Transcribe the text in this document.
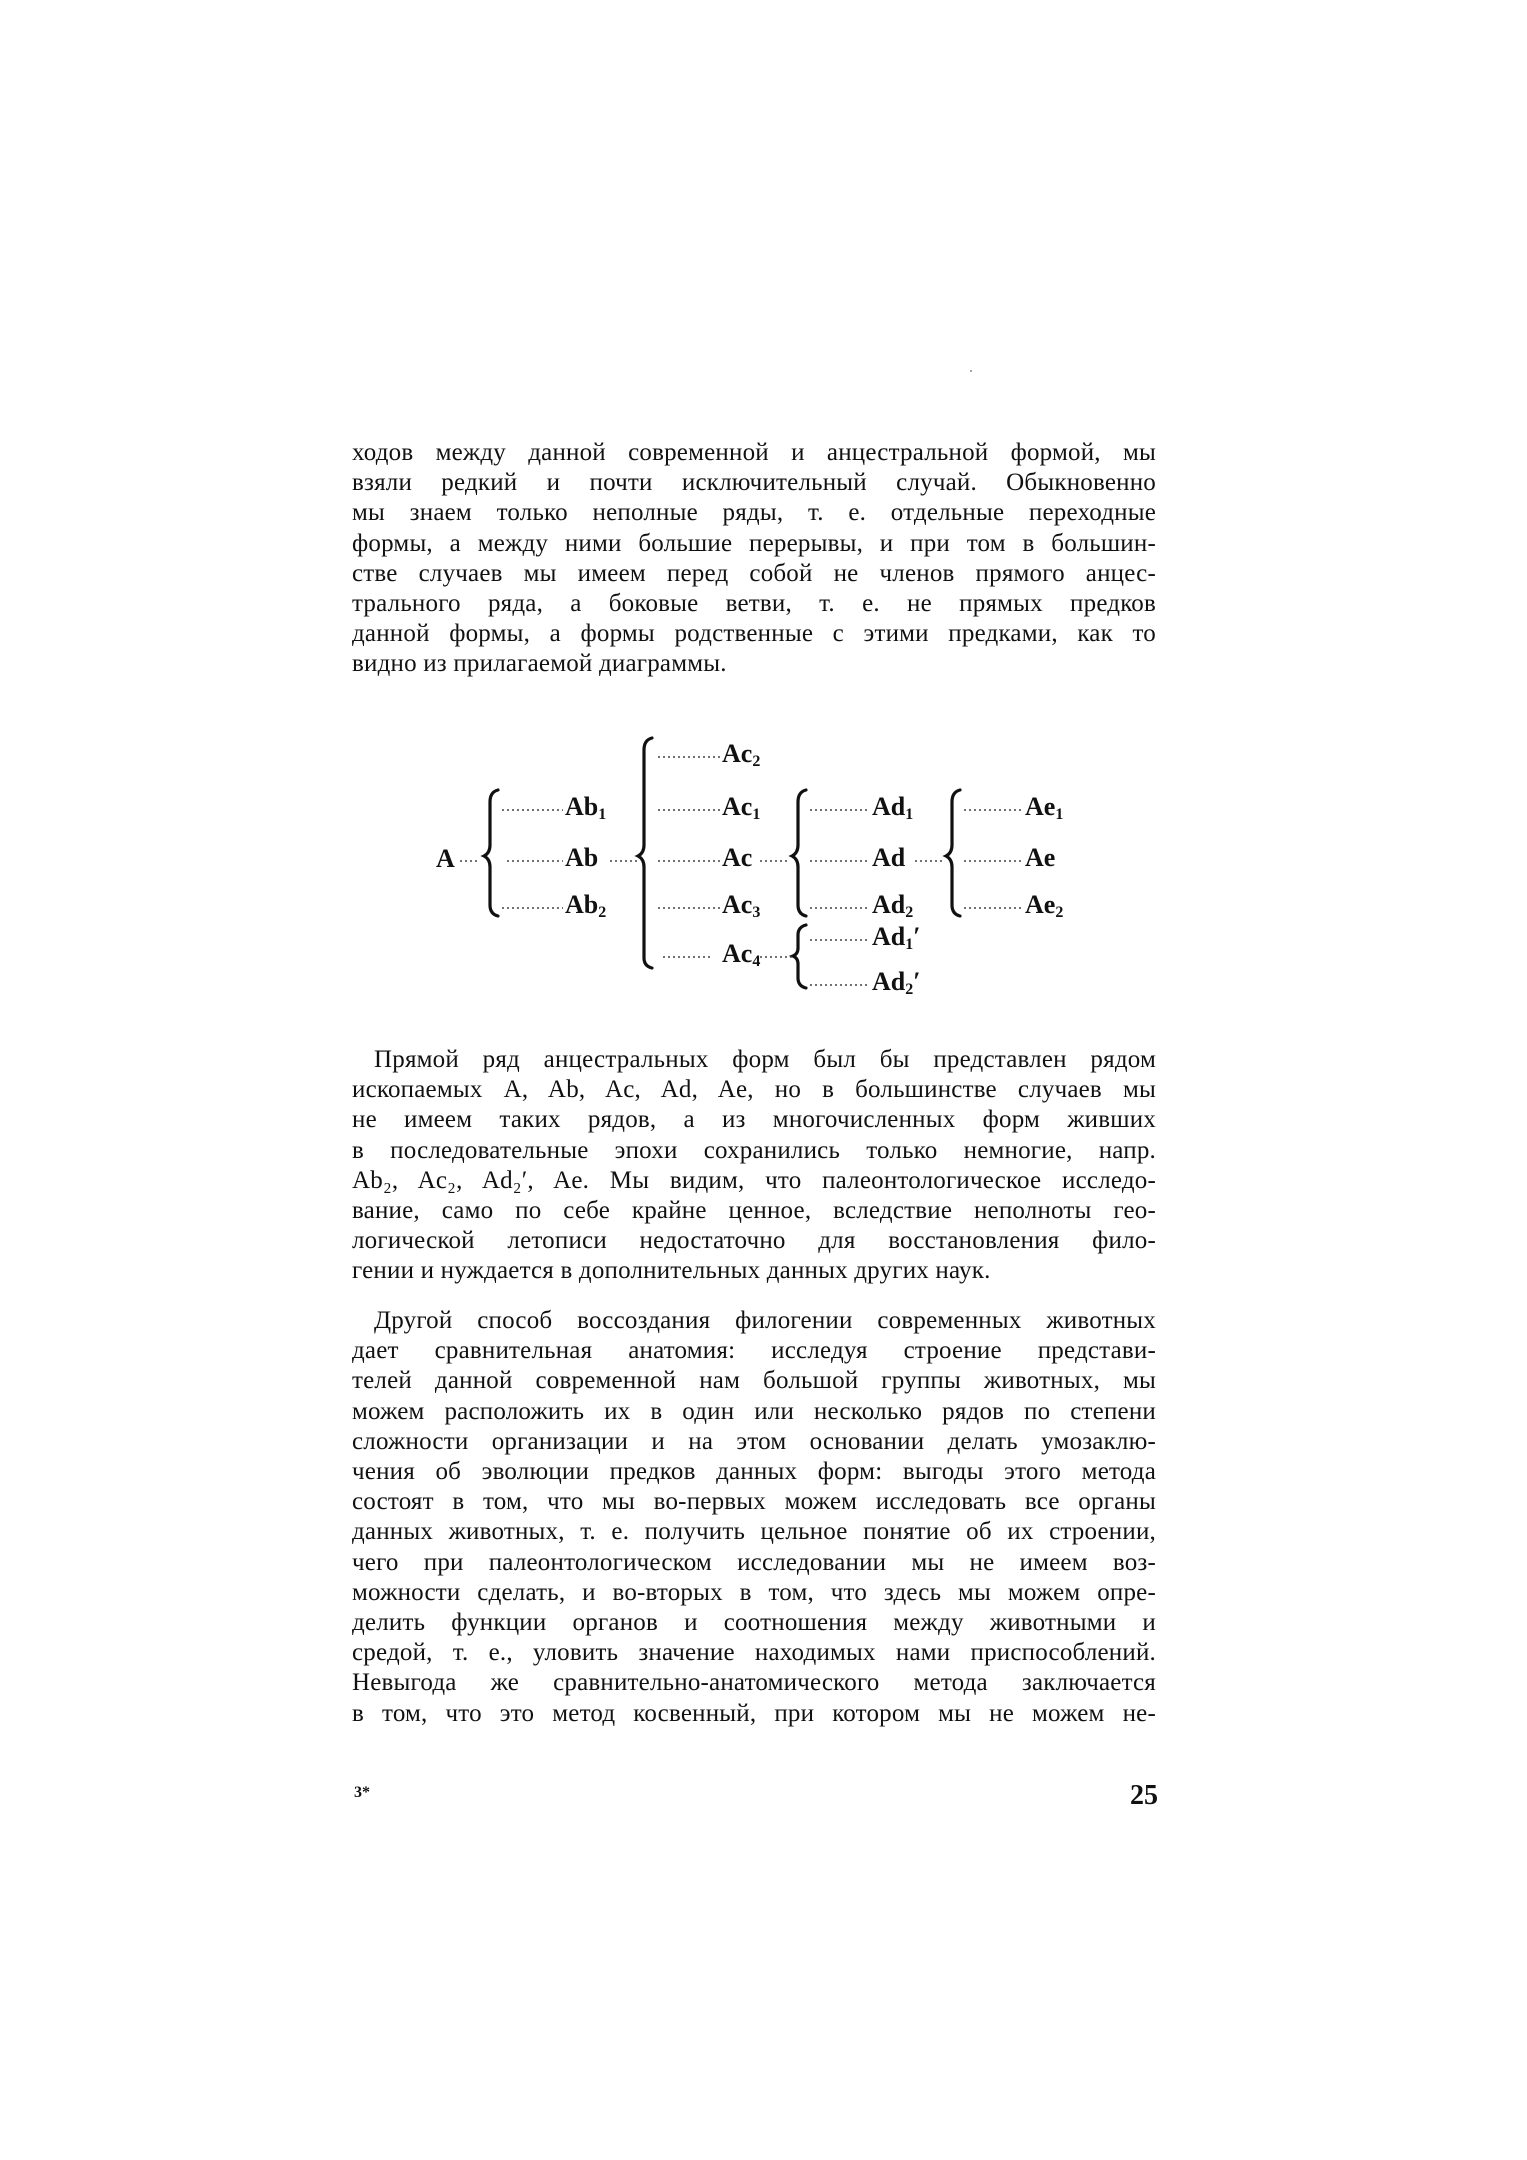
ходов между данной современной и анцестральной формой, мы
взяли редкий и почти исключительный случай. Обыкновенно
мы знаем только неполные ряды, т. е. отдельные переходные
формы, а между ними большие перерывы, и при том в большин-
стве случаев мы имеем перед собой не членов прямого анцес-
трального ряда, а боковые ветви, т. е. не прямых предков
данной формы, а формы родственные с этими предками, как то
видно из прилагаемой диаграммы.
A
$Ab_1$
Ab
$Ab_2$
$Ac_2$
$Ac_1$
Ac
$Ac_3$
$Ac_4$
$Ad_1$
Ad
$Ad_2$
$Ad_1'$
$Ad_2'$
$Ae_1$
Ae
$Ae_2$
Прямой ряд анцестральных форм был бы представлен рядом
ископаемых A, Ab, Ac, Ad, Ae, но в большинстве случаев мы
не имеем таких рядов, а из многочисленных форм живших
в последовательные эпохи сохранились только немногие, напр.
Ab₂, Ac₂, Ad₂′, Ae. Мы видим, что палеонтологическое исследо-
вание, само по себе крайне ценное, вследствие неполноты гео-
логической летописи недостаточно для восстановления фило-
гении и нуждается в дополнительных данных других наук.
Другой способ воссоздания филогении современных животных
дает сравнительная анатомия: исследуя строение представи-
телей данной современной нам большой группы животных, мы
можем расположить их в один или несколько рядов по степени
сложности организации и на этом основании делать умозаклю-
чения об эволюции предков данных форм: выгоды этого метода
состоят в том, что мы во-первых можем исследовать все органы
данных животных, т. е. получить цельное понятие об их строении,
чего при палеонтологическом исследовании мы не имеем воз-
можности сделать, и во-вторых в том, что здесь мы можем опре-
делить функции органов и соотношения между животными и
средой, т. е., уловить значение находимых нами приспособлений.
Невыгода же сравнительно-анатомического метода заключается
в том, что это метод косвенный, при котором мы не можем не-
3*	25
